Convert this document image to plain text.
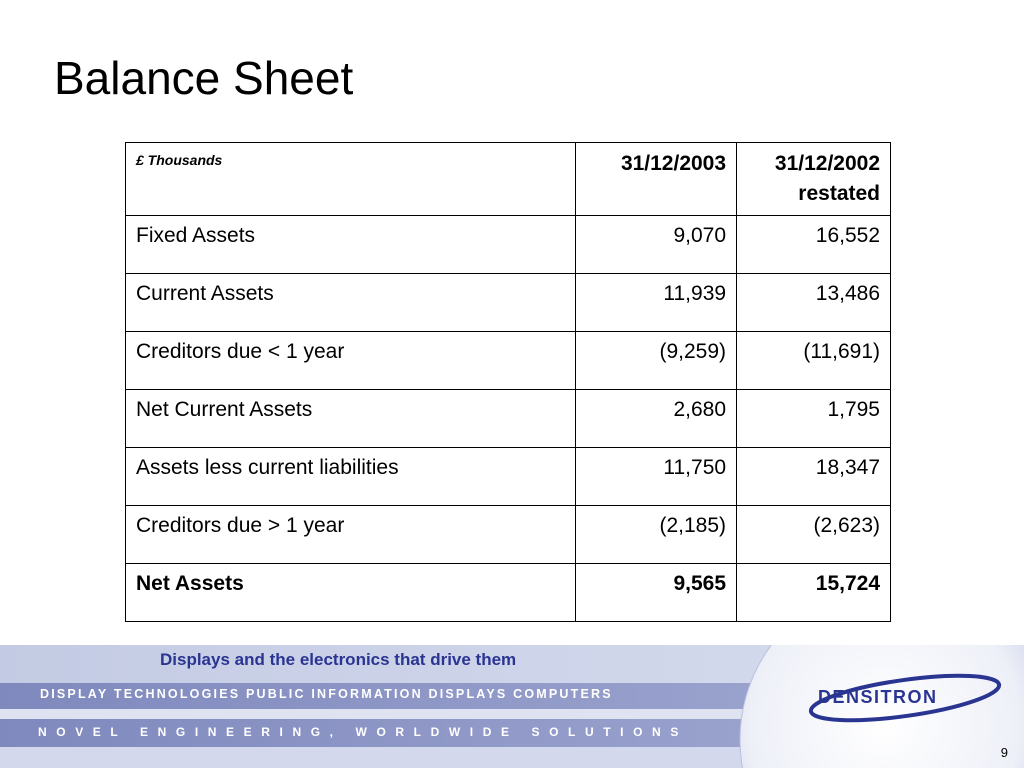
Balance Sheet
£ Thousands	31/12/2003	31/12/2002
restated

Fixed Assets	9,070	16,552
Current Assets	11,939	13,486
Creditors due < 1 year	(9,259)	(11,691)
Net Current Assets	2,680	1,795
Assets less current liabilities	11,750	18,347
Creditors due > 1 year	(2,185)	(2,623)
Net Assets	9,565	15,724
Displays and the electronics that drive them
DISPLAY TECHNOLOGIES PUBLIC INFORMATION DISPLAYS COMPUTERS
NOVEL ENGINEERING, WORLDWIDE SOLUTIONS
DENSITRON
9
